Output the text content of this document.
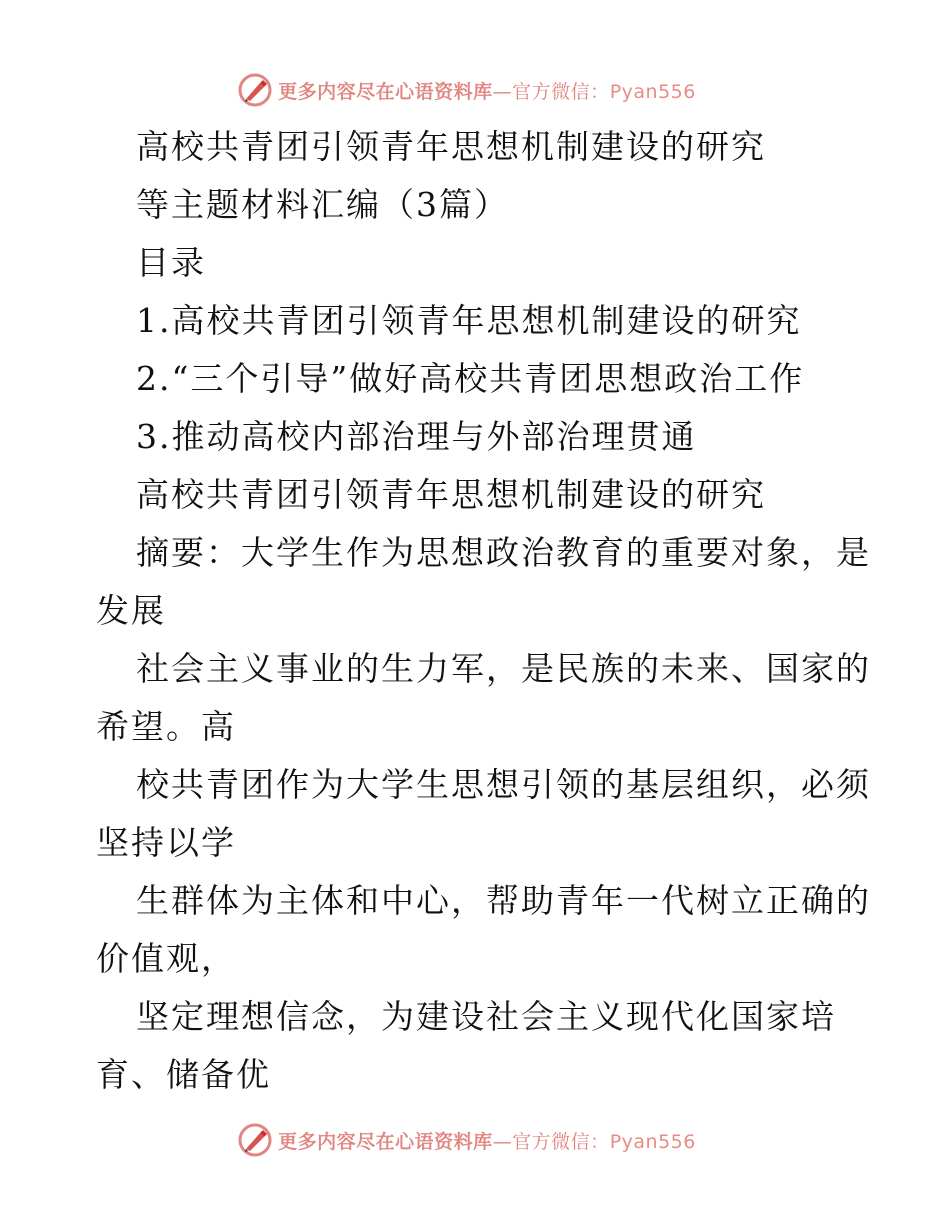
更多内容尽在心语资料库—官方微信：Pyan556
高校共青团引领青年思想机制建设的研究
等主题材料汇编（3篇）
目录
1.高校共青团引领青年思想机制建设的研究
2.“三个引导”做好高校共青团思想政治工作
3.推动高校内部治理与外部治理贯通
高校共青团引领青年思想机制建设的研究
摘要：大学生作为思想政治教育的重要对象，是
发展
社会主义事业的生力军，是民族的未来、国家的
希望。高
校共青团作为大学生思想引领的基层组织，必须
坚持以学
生群体为主体和中心，帮助青年一代树立正确的
价值观，
坚定理想信念，为建设社会主义现代化国家培
育、储备优
更多内容尽在心语资料库—官方微信：Pyan556
